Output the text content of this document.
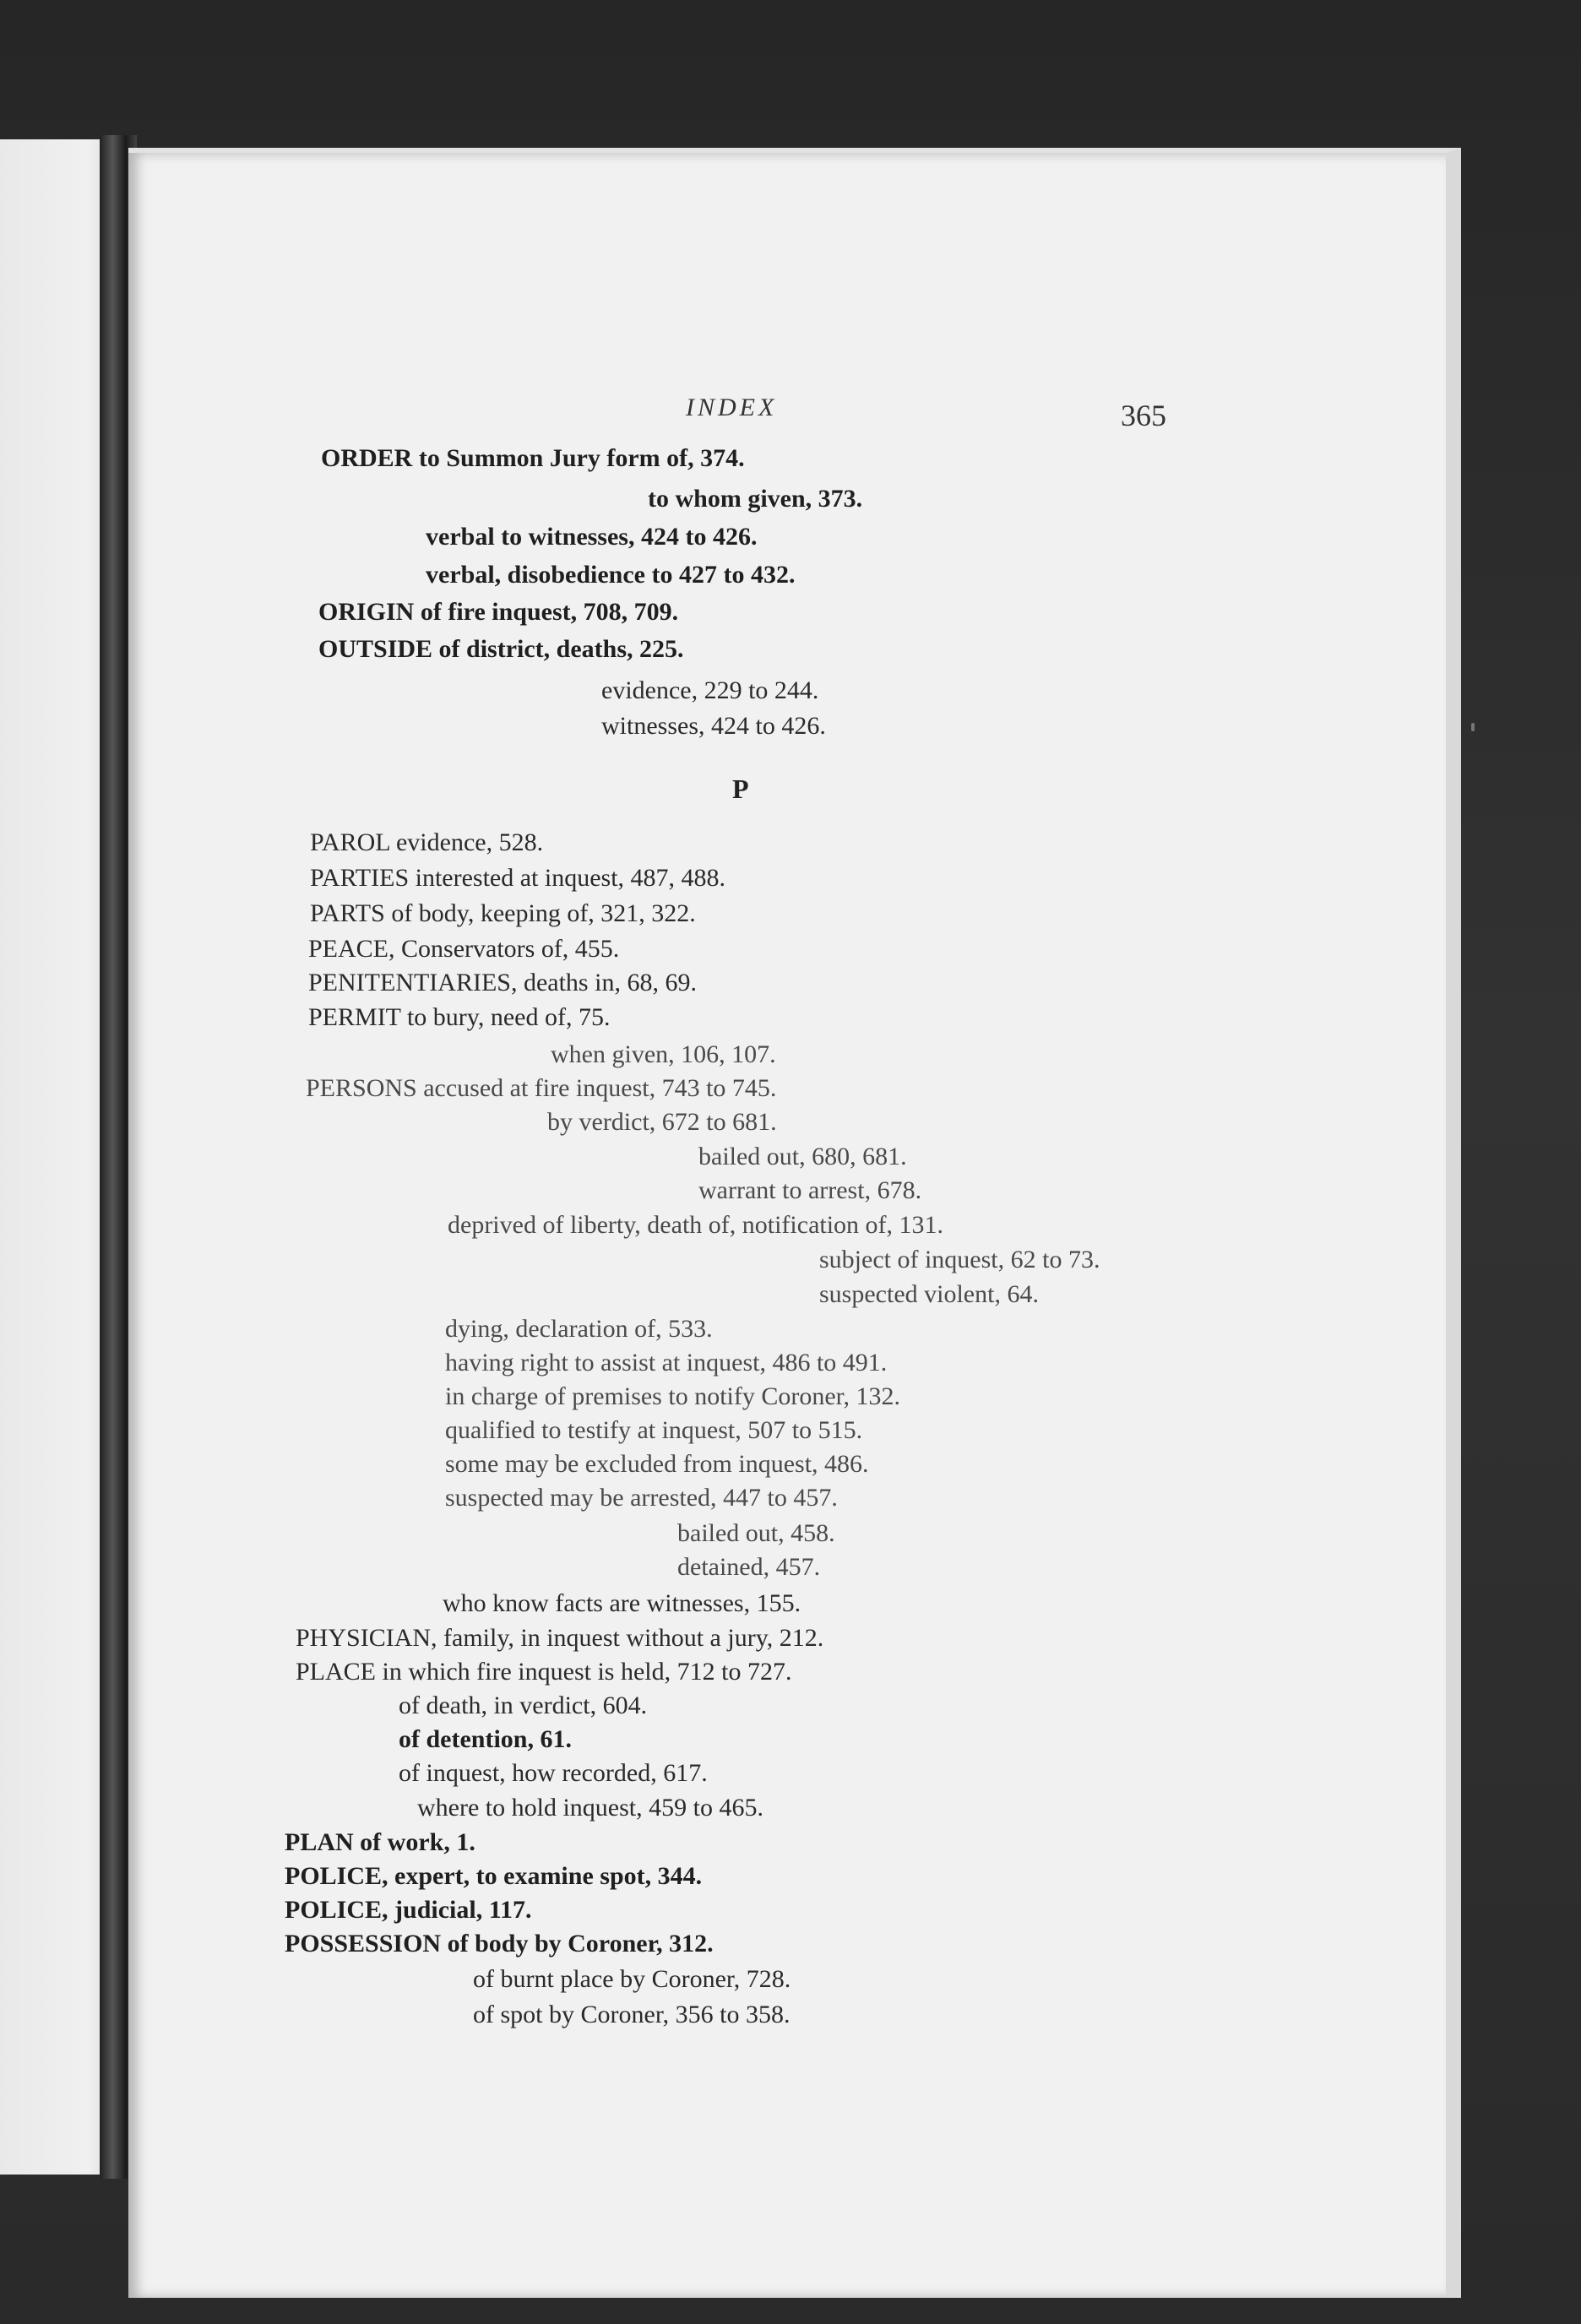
INDEX	365
P
ORDER to Summon Jury form of, 374.
to whom given, 373.
verbal to witnesses, 424 to 426.
verbal, disobedience to 427 to 432.
ORIGIN of fire inquest, 708, 709.
OUTSIDE of district, deaths, 225.
evidence, 229 to 244.
witnesses, 424 to 426.
PAROL evidence, 528.
PARTIES interested at inquest, 487, 488.
PARTS of body, keeping of, 321, 322.
PEACE, Conservators of, 455.
PENITENTIARIES, deaths in, 68, 69.
PERMIT to bury, need of, 75.
when given, 106, 107.
PERSONS accused at fire inquest, 743 to 745.
by verdict, 672 to 681.
bailed out, 680, 681.
warrant to arrest, 678.
deprived of liberty, death of, notification of, 131.
subject of inquest, 62 to 73.
suspected violent, 64.
dying, declaration of, 533.
having right to assist at inquest, 486 to 491.
in charge of premises to notify Coroner, 132.
qualified to testify at inquest, 507 to 515.
some may be excluded from inquest, 486.
suspected may be arrested, 447 to 457.
bailed out, 458.
detained, 457.
who know facts are witnesses, 155.
PHYSICIAN, family, in inquest without a jury, 212.
PLACE in which fire inquest is held, 712 to 727.
of death, in verdict, 604.
of detention, 61.
of inquest, how recorded, 617.
where to hold inquest, 459 to 465.
PLAN of work, 1.
POLICE, expert, to examine spot, 344.
POLICE, judicial, 117.
POSSESSION of body by Coroner, 312.
of burnt place by Coroner, 728.
of spot by Coroner, 356 to 358.
